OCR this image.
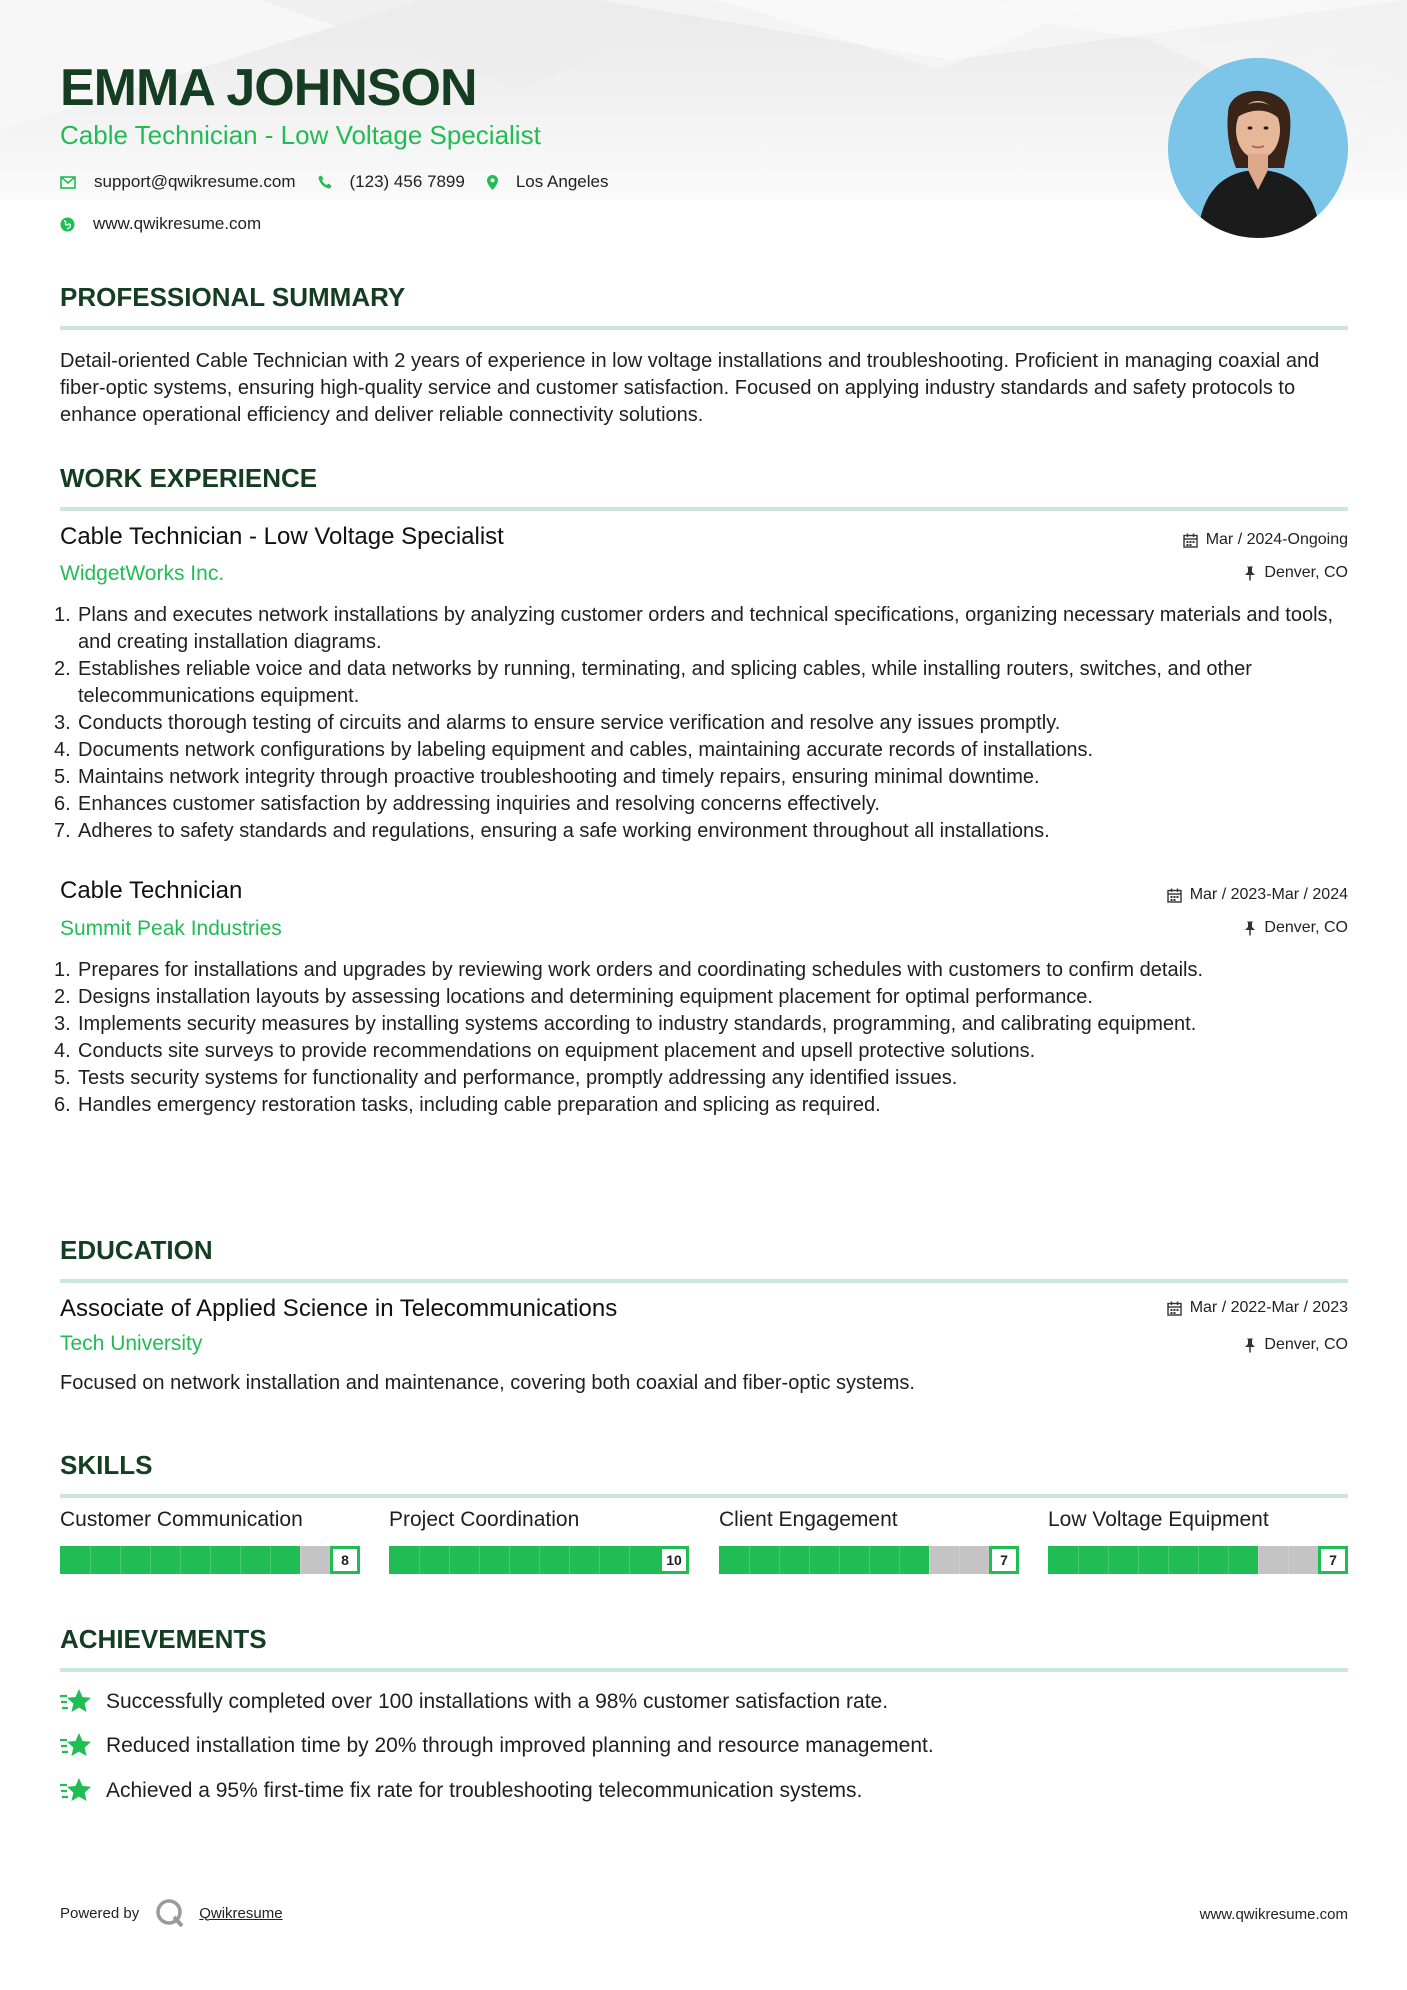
EMMA JOHNSON
Cable Technician - Low Voltage Specialist
support@qwikresume.com	(123) 456 7899	Los Angeles
www.qwikresume.com
PROFESSIONAL SUMMARY
Detail-oriented Cable Technician with 2 years of experience in low voltage installations and troubleshooting. Proficient in managing coaxial and fiber-optic systems, ensuring high-quality service and customer satisfaction. Focused on applying industry standards and safety protocols to enhance operational efficiency and deliver reliable connectivity solutions.
WORK EXPERIENCE
Cable Technician - Low Voltage Specialist	Mar / 2024-Ongoing
WidgetWorks Inc.	Denver, CO
1. Plans and executes network installations by analyzing customer orders and technical specifications, organizing necessary materials and tools, and creating installation diagrams.
2. Establishes reliable voice and data networks by running, terminating, and splicing cables, while installing routers, switches, and other telecommunications equipment.
3. Conducts thorough testing of circuits and alarms to ensure service verification and resolve any issues promptly.
4. Documents network configurations by labeling equipment and cables, maintaining accurate records of installations.
5. Maintains network integrity through proactive troubleshooting and timely repairs, ensuring minimal downtime.
6. Enhances customer satisfaction by addressing inquiries and resolving concerns effectively.
7. Adheres to safety standards and regulations, ensuring a safe working environment throughout all installations.
Cable Technician	Mar / 2023-Mar / 2024
Summit Peak Industries	Denver, CO
1. Prepares for installations and upgrades by reviewing work orders and coordinating schedules with customers to confirm details.
2. Designs installation layouts by assessing locations and determining equipment placement for optimal performance.
3. Implements security measures by installing systems according to industry standards, programming, and calibrating equipment.
4. Conducts site surveys to provide recommendations on equipment placement and upsell protective solutions.
5. Tests security systems for functionality and performance, promptly addressing any identified issues.
6. Handles emergency restoration tasks, including cable preparation and splicing as required.
EDUCATION
Associate of Applied Science in Telecommunications	Mar / 2022-Mar / 2023
Tech University	Denver, CO
Focused on network installation and maintenance, covering both coaxial and fiber-optic systems.
SKILLS
Customer Communication
8
Project Coordination
10
Client Engagement
7
Low Voltage Equipment
7
ACHIEVEMENTS
Successfully completed over 100 installations with a 98% customer satisfaction rate.
Reduced installation time by 20% through improved planning and resource management.
Achieved a 95% first-time fix rate for troubleshooting telecommunication systems.
Powered by	Qwikresume	www.qwikresume.com
